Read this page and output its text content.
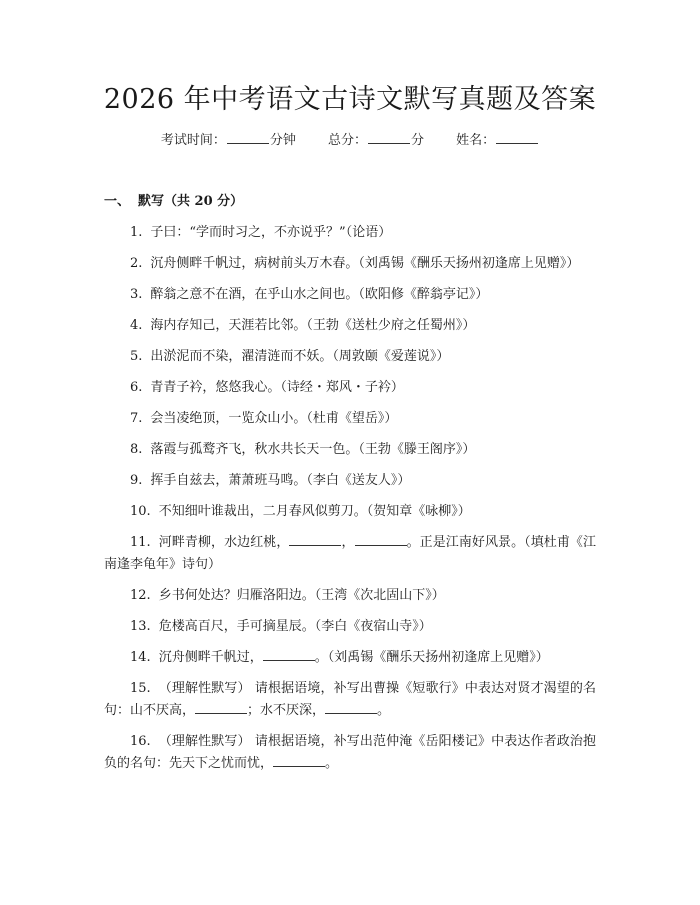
2026 年中考语文古诗文默写真题及答案
考试时间：	分钟 总分：	分 姓名：
一、 默写（共 20 分）
1. 子曰：“学而时习之，不亦说乎？”（论语）
2. 沉舟侧畔千帆过，病树前头万木春。（刘禹锡《酬乐天扬州初逢席上见赠》）
3. 醉翁之意不在酒，在乎山水之间也。（欧阳修《醉翁亭记》）
4. 海内存知己，天涯若比邻。（王勃《送杜少府之任蜀州》）
5. 出淤泥而不染，濯清涟而不妖。（周敦颐《爱莲说》）
6. 青青子衿，悠悠我心。（诗经・郑风・子衿）
7. 会当凌绝顶，一览众山小。（杜甫《望岳》）
8. 落霞与孤鹜齐飞，秋水共长天一色。（王勃《滕王阁序》）
9. 挥手自兹去，萧萧班马鸣。（李白《送友人》）
10. 不知细叶谁裁出，二月春风似剪刀。（贺知章《咏柳》）
11. 河畔青柳，水边红桃，	，	。正是江南好风景。（填杜甫《江南逢李龟年》诗句）
12. 乡书何处达？归雁洛阳边。（王湾《次北固山下》）
13. 危楼高百尺，手可摘星辰。（李白《夜宿山寺》）
14. 沉舟侧畔千帆过，	。（刘禹锡《酬乐天扬州初逢席上见赠》）
15. （理解性默写） 请根据语境，补写出曹操《短歌行》中表达对贤才渴望的名句：山不厌高，	；水不厌深，	。
16. （理解性默写） 请根据语境，补写出范仲淹《岳阳楼记》中表达作者政治抱负的名句：先天下之忧而忧，	。
